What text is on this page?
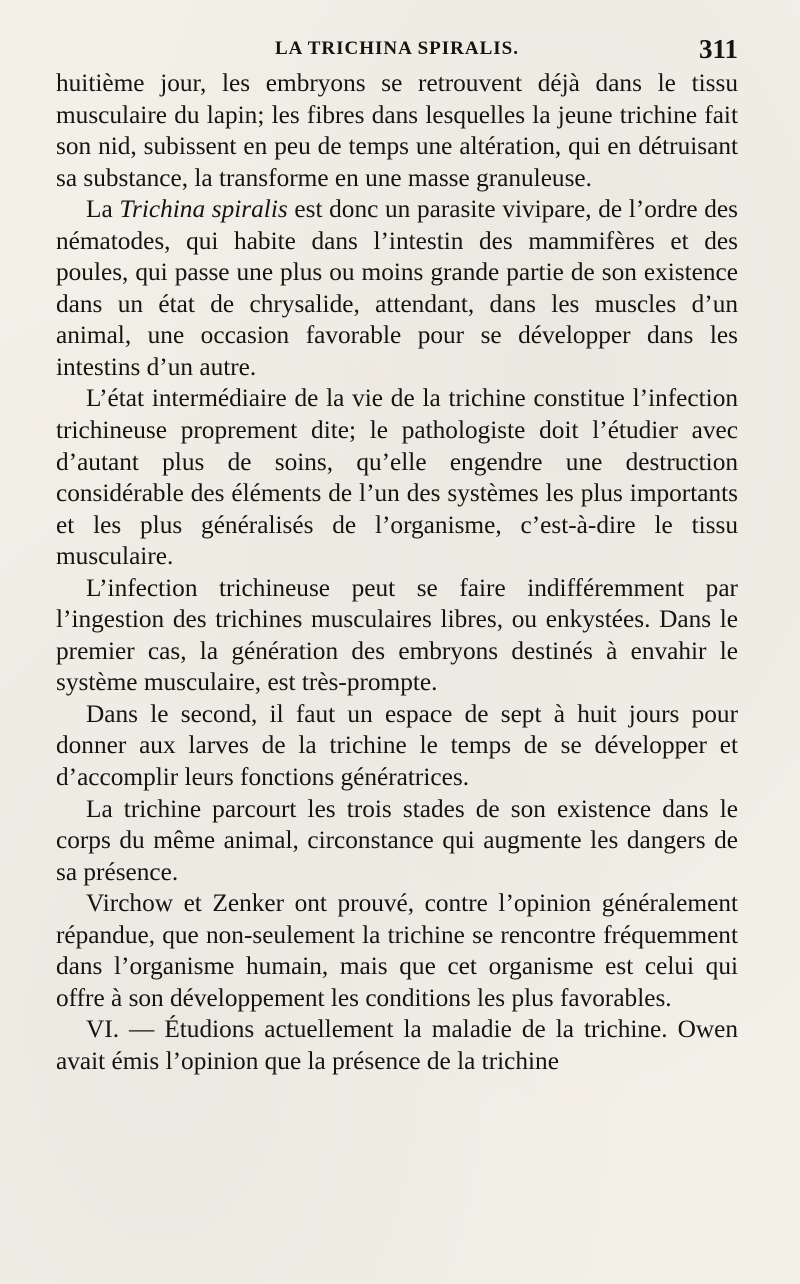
LA TRICHINA SPIRALIS.	311

huitième jour, les embryons se retrouvent déjà dans le tissu musculaire du lapin; les fibres dans lesquelles la jeune trichine fait son nid, subissent en peu de temps une altération, qui en détruisant sa substance, la transforme en une masse granuleuse.

La Trichina spiralis est donc un parasite vivipare, de l’ordre des nématodes, qui habite dans l’intestin des mammifères et des poules, qui passe une plus ou moins grande partie de son existence dans un état de chrysalide, attendant, dans les muscles d’un animal, une occasion favorable pour se développer dans les intestins d’un autre.

L’état intermédiaire de la vie de la trichine constitue l’infection trichineuse proprement dite; le pathologiste doit l’étudier avec d’autant plus de soins, qu’elle engendre une destruction considérable des éléments de l’un des systèmes les plus importants et les plus généralisés de l’organisme, c’est-à-dire le tissu musculaire.

L’infection trichineuse peut se faire indifféremment par l’ingestion des trichines musculaires libres, ou enkystées. Dans le premier cas, la génération des embryons destinés à envahir le système musculaire, est très-prompte.

Dans le second, il faut un espace de sept à huit jours pour donner aux larves de la trichine le temps de se développer et d’accomplir leurs fonctions génératrices.

La trichine parcourt les trois stades de son existence dans le corps du même animal, circonstance qui augmente les dangers de sa présence.

Virchow et Zenker ont prouvé, contre l’opinion généralement répandue, que non-seulement la trichine se rencontre fréquemment dans l’organisme humain, mais que cet organisme est celui qui offre à son développement les conditions les plus favorables.

VI. — Étudions actuellement la maladie de la trichine. Owen avait émis l’opinion que la présence de la trichine
